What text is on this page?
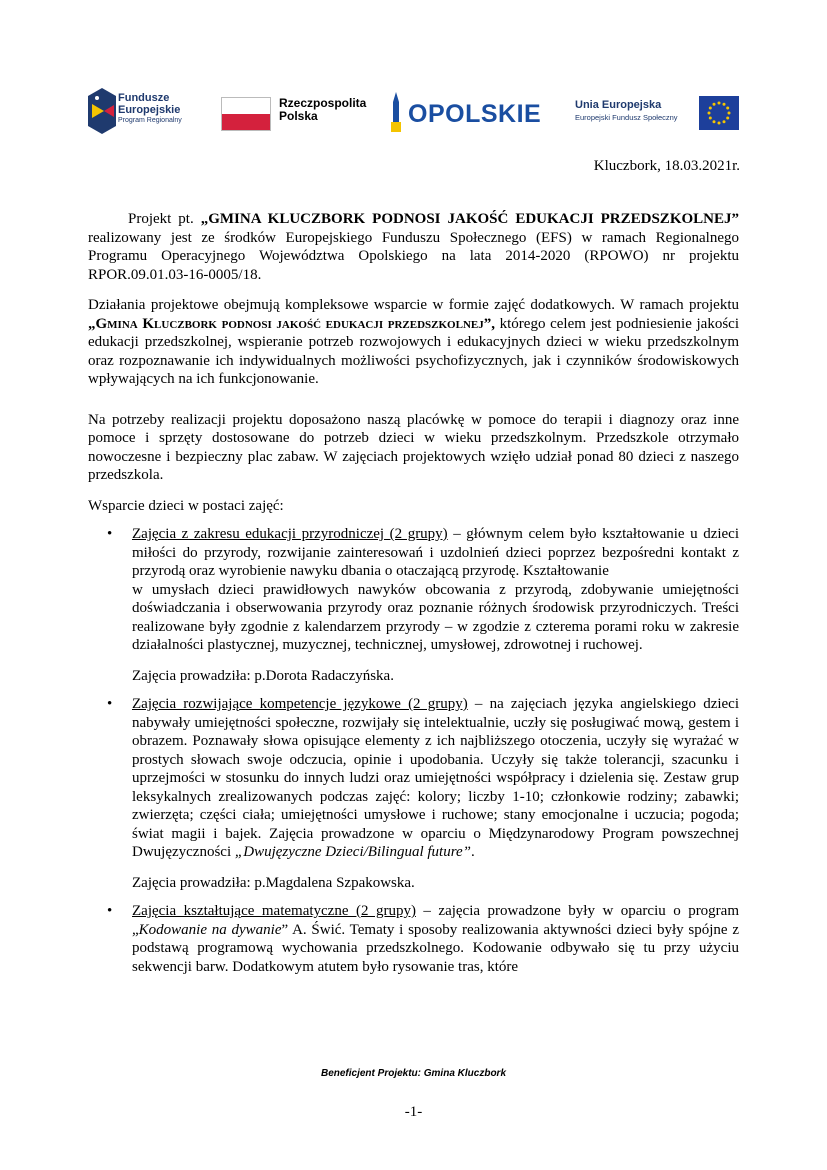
Fundusze
Europejskie
Program Regionalny
Rzeczpospolita
Polska	OPOLSKIE	Unia Europejska
Europejski Fundusz Społeczny
Kluczbork, 18.03.2021r.

Projekt pt. „GMINA KLUCZBORK PODNOSI JAKOŚĆ EDUKACJI PRZEDSZKOLNEJ” realizowany jest ze środków Europejskiego Funduszu Społecznego (EFS) w ramach Regionalnego Programu Operacyjnego Województwa Opolskiego na lata 2014-2020 (RPOWO) nr projektu RPOR.09.01.03-16-0005/18.

Działania projektowe obejmują kompleksowe wsparcie w formie zajęć dodatkowych. W ramach projektu „Gmina Kluczbork podnosi jakość edukacji przedszkolnej”, którego celem jest podniesienie jakości edukacji przedszkolnej, wspieranie potrzeb rozwojowych i edukacyjnych dzieci w wieku przedszkolnym oraz rozpoznawanie ich indywidualnych możliwości psychofizycznych, jak i czynników środowiskowych wpływających na ich funkcjonowanie.

Na potrzeby realizacji projektu doposażono naszą placówkę w pomoce do terapii i diagnozy oraz inne pomoce i sprzęty dostosowane do potrzeb dzieci w wieku przedszkolnym. Przedszkole otrzymało nowoczesne i bezpieczny plac zabaw. W zajęciach projektowych wzięło udział ponad 80 dzieci z naszego przedszkola.

Wsparcie dzieci w postaci zajęć:

• Zajęcia z zakresu edukacji przyrodniczej (2 grupy) – głównym celem było kształtowanie u dzieci miłości do przyrody, rozwijanie zainteresowań i uzdolnień dzieci poprzez bezpośredni kontakt z przyrodą oraz wyrobienie nawyku dbania o otaczającą przyrodę. Kształtowanie
w umysłach dzieci prawidłowych nawyków obcowania z przyrodą, zdobywanie umiejętności doświadczania i obserwowania przyrody oraz poznanie różnych środowisk przyrodniczych. Treści realizowane były zgodnie z kalendarzem przyrody – w zgodzie z czterema porami roku w zakresie działalności plastycznej, muzycznej, technicznej, umysłowej, zdrowotnej i ruchowej.

Zajęcia prowadziła: p.Dorota Radaczyńska.

• Zajęcia rozwijające kompetencje językowe (2 grupy) – na zajęciach języka angielskiego dzieci nabywały umiejętności społeczne, rozwijały się intelektualnie, uczły się posługiwać mową, gestem i obrazem. Poznawały słowa opisujące elementy z ich najbliższego otoczenia, uczyły się wyrażać w prostych słowach swoje odczucia, opinie i upodobania. Uczyły się także tolerancji, szacunku i uprzejmości w stosunku do innych ludzi oraz umiejętności współpracy i dzielenia się. Zestaw grup leksykalnych zrealizowanych podczas zajęć: kolory; liczby 1-10; członkowie rodziny; zabawki; zwierzęta; części ciała; umiejętności umysłowe i ruchowe; stany emocjonalne i uczucia; pogoda; świat magii i bajek. Zajęcia prowadzone w oparciu o Międzynarodowy Program powszechnej Dwujęzyczności „Dwujęzyczne Dzieci/Bilingual future”.

Zajęcia prowadziła: p.Magdalena Szpakowska.

• Zajęcia kształtujące matematyczne (2 grupy) – zajęcia prowadzone były w oparciu o program „Kodowanie na dywanie” A. Świć. Tematy i sposoby realizowania aktywności dzieci były spójne z podstawą programową wychowania przedszkolnego. Kodowanie odbywało się tu przy użyciu sekwencji barw. Dodatkowym atutem było rysowanie tras, które

Beneficjent Projektu: Gmina Kluczbork
-1-
